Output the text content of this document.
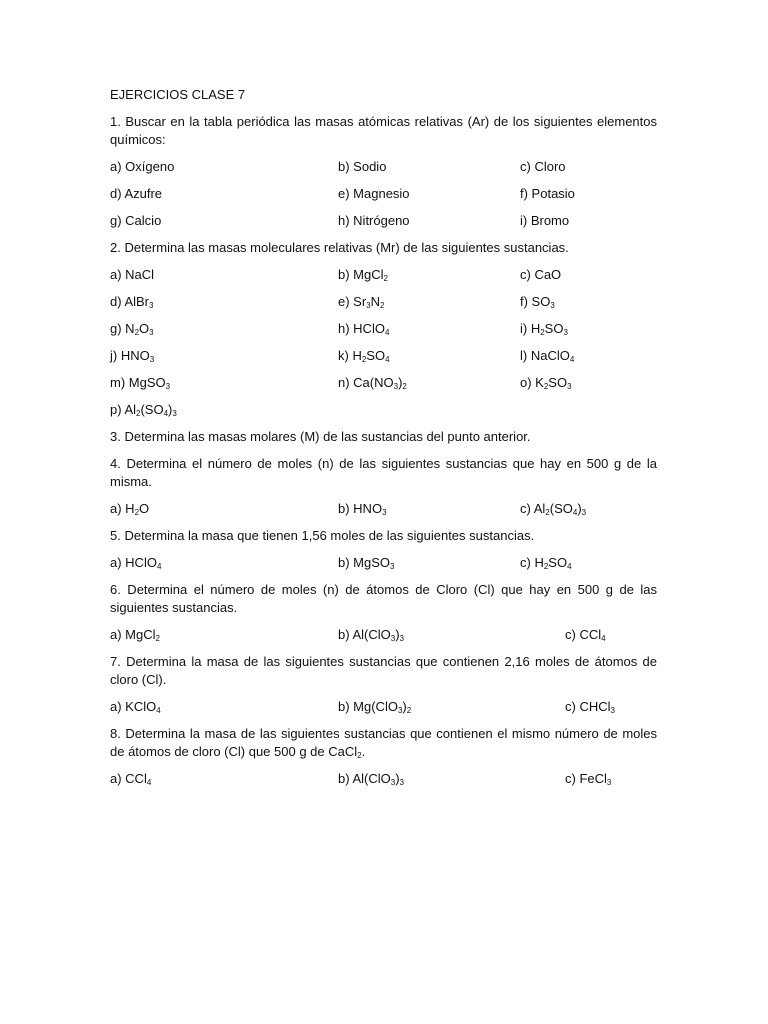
EJERCICIOS CLASE 7
1. Buscar en la tabla periódica las masas atómicas relativas (Ar) de los siguientes elementos químicos:
a) Oxígeno	b) Sodio	c) Cloro
d) Azufre	e) Magnesio	f) Potasio
g) Calcio	h) Nitrógeno	i) Bromo
2. Determina las masas moleculares relativas (Mr) de las siguientes sustancias.
a) NaCl	b) MgCl$_2$	c) CaO
d) AlBr$_3$	e) $Sr_3N_2$	f) $SO_3$
g) $N_2O_3$	h) HClO$_4$	i) $H_2SO_3$
j) $HNO_3$	k) $H_2SO_4$	l) NaClO$_4$
m) MgSO$_3$	n) $Ca(NO_3)_2$	o) $K_2SO_3$
p) $Al_2(SO_4)_3$
3. Determina las masas molares (M) de las sustancias del punto anterior.
4. Determina el número de moles (n) de las siguientes sustancias que hay en 500 g de la misma.
a) $H_2O$	b) $HNO_3$	c) $Al_2(SO_4)_3$
5. Determina la masa que tienen 1,56 moles de las siguientes sustancias.
a) HClO$_4$	b) MgSO$_3$	c) $H_2SO_4$
6. Determina el número de moles (n) de átomos de Cloro (Cl) que hay en 500 g de las siguientes sustancias.
a) MgCl$_2$	b) $Al(ClO_3)_3$	c) CCl$_4$
7. Determina la masa de las siguientes sustancias que contienen 2,16 moles de átomos de cloro (Cl).
a) KClO$_4$	b) $Mg(ClO_3)_2$	c) CHCl$_3$
8. Determina la masa de las siguientes sustancias que contienen el mismo número de moles de átomos de cloro (Cl) que 500 g de CaCl$_2$.
a) CCl$_4$	b) $Al(ClO_3)_3$	c) FeCl$_3$
